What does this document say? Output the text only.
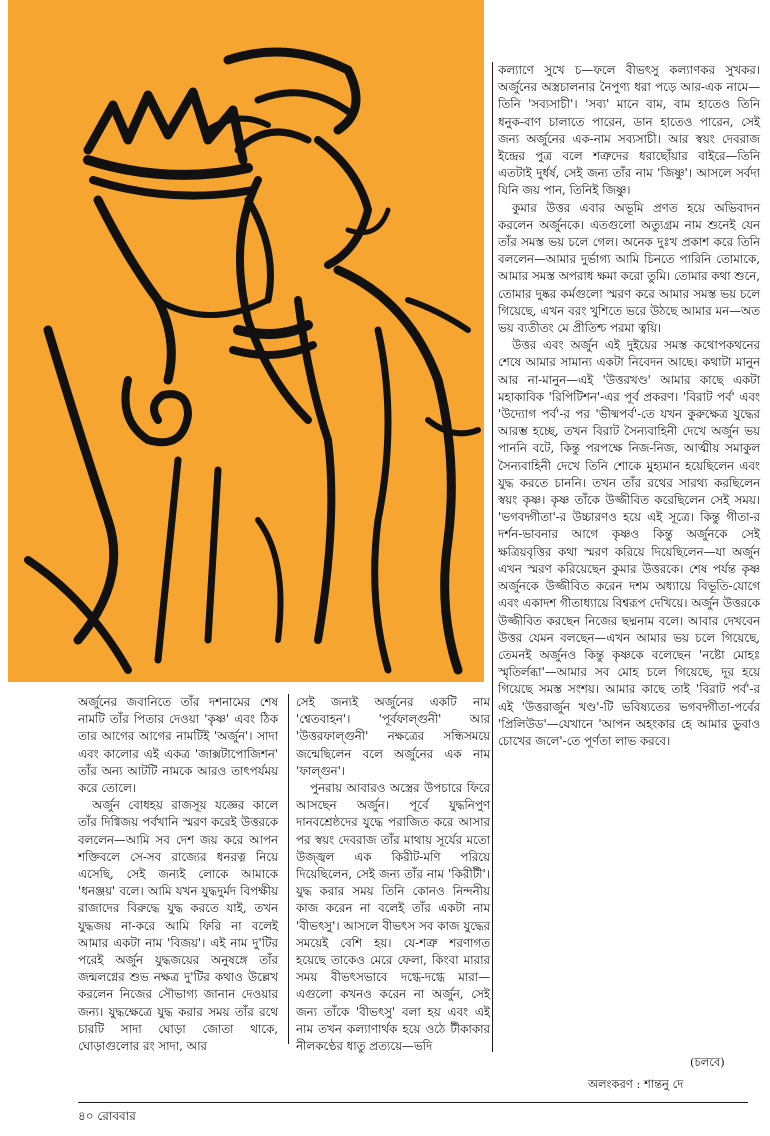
কল্যাণে সুখে চ—ফলে বীভৎসু কল্যাণকর সুখকর। অর্জুনের অস্ত্রচালনার নৈপুণ্য ধরা পড়ে আর-এক নামে—তিনি 'সব্যসাচী'। 'সব্য' মানে বাম, বাম হাতেও তিনি ধনুক-বাণ চালাতে পারেন, ডান হাতেও পারেন, সেই জন্য অর্জুনের এক-নাম সব্যসাচী। আর স্বয়ং দেবরাজ ইন্দ্রের পুত্র বলে শত্রুদের ধরাছোঁয়ার বাইরে—তিনি এতটাই দুর্ধর্ষ, সেই জন্য তাঁর নাম 'জিষ্ণু'। আসলে সর্বদা যিনি জয় পান, তিনিই জিষ্ণু।

কুমার উত্তর এবার অভূমি প্রণত হয়ে অভিবাদন করলেন অর্জুনকে। এতগুলো অত্যুগ্রম নাম শুনেই যেন তাঁর সমস্ত ভয় চলে গেল। অনেক দুঃখ প্রকাশ করে তিনি বললেন—আমার দুর্ভাগ্য আমি চিনতে পারিনি তোমাকে, আমার সমস্ত অপরাধ ক্ষমা করো তুমি। তোমার কথা শুনে, তোমার দুষ্কর কর্মগুলো স্মরণ করে আমার সমস্ত ভয় চলে গিয়েছে, এখন বরং খুশিতে ভরে উঠছে আমার মন—অত ভয় ব্যতীতং মে প্রীতিশ্চ পরমা ত্বয়ি।

উত্তর এবং অর্জুন এই দুইয়ের সমস্ত কথোপকথনের শেষে আমার সামান্য একটা নিবেদন আছে। কথাটা মানুন আর না-মানুন—এই 'উত্তরখণ্ড' আমার কাছে একটা মহাকাবিক 'রিপিটিশন'-এর পূর্ব প্রকরণ। 'বিরাট পর্ব' এবং 'উদ্যোগ পর্ব'-র পর 'ভীষ্মপর্ব'-তে যখন কুরুক্ষেত্র যুদ্ধের আরম্ভ হচ্ছে, তখন বিরাট সৈন্যবাহিনী দেখে অর্জুন ভয় পাননি বটে, কিন্তু পরপক্ষে নিজ-নিজ, আত্মীয় সমাকুল সৈন্যবাহিনী দেখে তিনি শোকে মুহ্যমান হয়েছিলেন এবং যুদ্ধ করতে চাননি। তখন তাঁর রথের সারথ্য করছিলেন স্বয়ং কৃষ্ণ। কৃষ্ণ তাঁকে উজ্জীবিত করেছিলেন সেই সময়। 'ভগবদ্গীতা'-র উচ্চারণও হয়ে এই সূত্রে। কিন্তু গীতা-র দর্শন-ভাবনার আগে কৃষ্ণও কিন্তু অর্জুনকে সেই ক্ষত্রিয়বৃত্তির কথা স্মরণ করিয়ে দিয়েছিলেন—যা অর্জুন এখন স্মরণ করিয়েছেন কুমার উত্তরকে। শেষ পর্যন্ত কৃষ্ণ অর্জুনকে উজ্জীবিত করেন দশম অধ্যায়ে বিভূতি-যোগে এবং একাদশ গীতাধ্যায়ে বিশ্বরূপ দেখিয়ে। অর্জুন উত্তরকে উজ্জীবিত করছেন নিজের ছদ্মনাম বলে। আবার দেখবেন উত্তর যেমন বলছেন—এখন আমার ভয় চলে গিয়েছে, তেমনই অর্জুনও কিন্তু কৃষ্ণকে বলেছেন 'নষ্টো মোহঃ স্মৃতির্লব্ধা'—আমার সব মোহ চলে গিয়েছে, দূর হয়ে গিয়েছে সমস্ত সংশয়। আমার কাছে তাই 'বিরাট পর্ব'-র এই 'উত্তরার্জুন খণ্ড'-টি ভবিষ্যতের ভগবদ্গীতা-পর্বের 'প্রিলিউড'—যেখানে 'আপন অহংকার হে আমার ডুবাও চোখের জলে'-তে পূর্ণতা লাভ করবে।

অর্জুনের জবানিতে তাঁর দশনামের শেষ নামটি তাঁর পিতার দেওয়া 'কৃষ্ণ' এবং ঠিক তার আগের আগের নামটিই 'অর্জুন'। সাদা এবং কালোর এই একত্র 'জাক্সটাপোজিশন' তাঁর অন্য আটটি নামকে আরও তাৎপর্যময় করে তোলে।

অর্জুন বোধহয় রাজসূয় যজ্ঞের কালে তাঁর দিগ্বিজয় পর্বখানি স্মরণ করেই উত্তরকে বললেন—আমি সব দেশ জয় করে আপন শক্তিবলে সে-সব রাজ্যের ধনরত্ন নিয়ে এসেছি, সেই জন্যই লোকে আমাকে 'ধনঞ্জয়' বলে। আমি যখন যুদ্ধদুর্মদ বিপক্ষীয় রাজাদের বিরুদ্ধে যুদ্ধ করতে যাই, তখন যুদ্ধজয় না-করে আমি ফিরি না বলেই আমার একটা নাম 'বিজয়'। এই নাম দু'টির পরেই অর্জুন যুদ্ধজয়ের অনুষঙ্গে তাঁর জন্মলগ্নের শুভ নক্ষত্র দু'টির কথাও উল্লেখ করলেন নিজের সৌভাগ্য জানান দেওয়ার জন্য। যুদ্ধক্ষেত্রে যুদ্ধ করার সময় তাঁর রথে চারটি সাদা ঘোড়া জোতা থাকে, ঘোড়াগুলোর রং সাদা, আর

সেই জন্যই অর্জুনের একটি নাম 'শ্বেতবাহন'। 'পূর্বফাল্গুনী' আর 'উত্তরফাল্গুনী' নক্ষত্রের সন্ধিসময়ে জন্মেছিলেন বলে অর্জুনের এক নাম 'ফাল্গুন'।

পুনরায় আবারও অস্ত্রের উপচারে ফিরে আসছেন অর্জুন। পূর্বে যুদ্ধনিপুণ দানবশ্রেষ্ঠদের যুদ্ধে পরাজিত করে আসার পর স্বয়ং দেবরাজ তাঁর মাথায় সূর্যের মতো উজ্জ্বল এক কিরীট-মণি পরিয়ে দিয়েছিলেন, সেই জন্য তাঁর নাম 'কিরীটী'। যুদ্ধ করার সময় তিনি কোনও নিন্দনীয় কাজ করেন না বলেই তাঁর একটা নাম 'বীভৎসু'। আসলে বীভৎস সব কাজ যুদ্ধের সময়েই বেশি হয়। যে-শত্রু শরণাগত হয়েছে তাকেও মেরে ফেলা, কিংবা মারার সময় বীভৎসভাবে দগ্ধে-দগ্ধে মারা—এগুলো কখনও করেন না অর্জুন, সেই জন্য তাঁকে 'বীভৎসু' বলা হয় এবং এই নাম তখন কল্যাণার্থক হয়ে ওঠে টীকাকার নীলকণ্ঠের ধাতু প্রত্যয়ে—ভদি

(চলবে)
অলংকরণ : শান্তনু দে
৪০ রোববার
